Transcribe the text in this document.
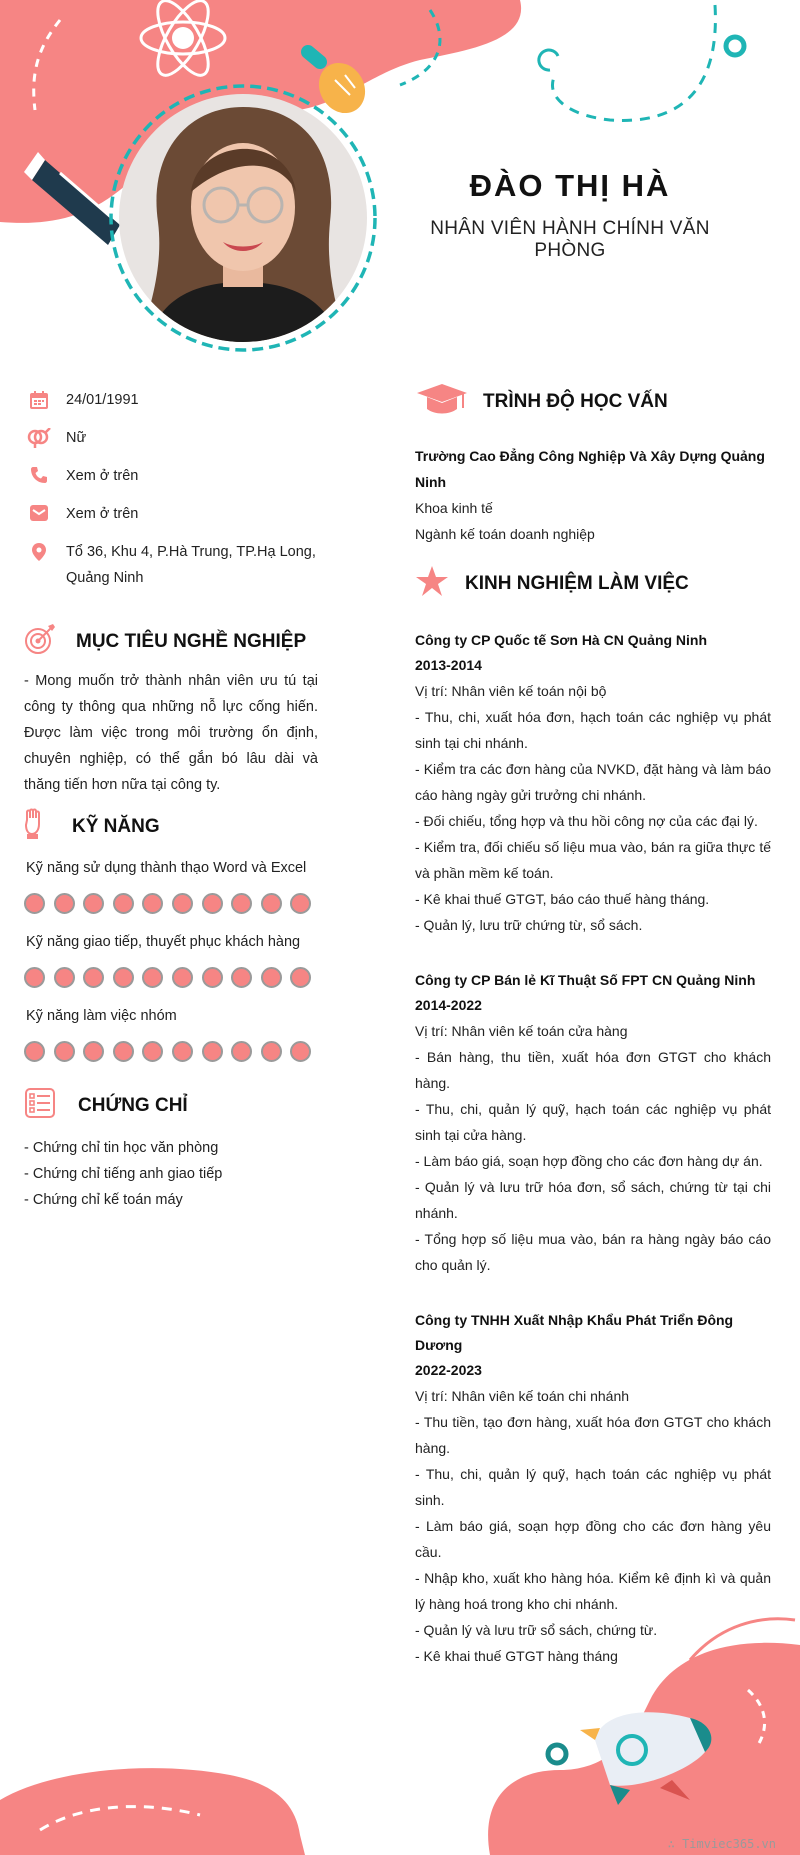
ĐÀO THỊ HÀ
NHÂN VIÊN HÀNH CHÍNH VĂN PHÒNG
24/01/1991
Nữ
Xem ở trên
Xem ở trên
Tổ 36, Khu 4, P.Hà Trung, TP.Hạ Long, Quảng Ninh
MỤC TIÊU NGHỀ NGHIỆP
- Mong muốn trở thành nhân viên ưu tú tại công ty thông qua những nỗ lực cống hiến. Được làm việc trong môi trường ổn định, chuyên nghiệp, có thể gắn bó lâu dài và thăng tiến hơn nữa tại công ty.
KỸ NĂNG
Kỹ năng sử dụng thành thạo Word và Excel
Kỹ năng giao tiếp, thuyết phục khách hàng
Kỹ năng làm việc nhóm
CHỨNG CHỈ
- Chứng chỉ tin học văn phòng
- Chứng chỉ tiếng anh giao tiếp
- Chứng chỉ kế toán máy
TRÌNH ĐỘ HỌC VẤN
Trường Cao Đẳng Công Nghiệp Và Xây Dựng Quảng Ninh
Khoa kinh tế
Ngành kế toán doanh nghiệp
KINH NGHIỆM LÀM VIỆC
Công ty CP Quốc tế Sơn Hà CN Quảng Ninh
2013-2014
Vị trí: Nhân viên kế toán nội bộ
- Thu, chi, xuất hóa đơn, hạch toán các nghiệp vụ phát sinh tại chi nhánh.
- Kiểm tra các đơn hàng của NVKD, đặt hàng và làm báo cáo hàng ngày gửi trưởng chi nhánh.
- Đối chiếu, tổng hợp và thu hồi công nợ của các đại lý.
- Kiểm tra, đối chiếu số liệu mua vào, bán ra giữa thực tế và phần mềm kế toán.
- Kê khai thuế GTGT, báo cáo thuế hàng tháng.
- Quản lý, lưu trữ chứng từ, sổ sách.
Công ty CP Bán lẻ Kĩ Thuật Số FPT CN Quảng Ninh
2014-2022
Vị trí: Nhân viên kế toán cửa hàng
- Bán hàng, thu tiền, xuất hóa đơn GTGT cho khách hàng.
- Thu, chi, quản lý quỹ, hạch toán các nghiệp vụ phát sinh tại cửa hàng.
- Làm báo giá, soạn hợp đồng cho các đơn hàng dự án.
- Quản lý và lưu trữ hóa đơn, sổ sách, chứng từ tại chi nhánh.
- Tổng hợp số liệu mua vào, bán ra hàng ngày báo cáo cho quản lý.
Công ty TNHH Xuất Nhập Khẩu Phát Triển Đông Dương
2022-2023
Vị trí: Nhân viên kế toán chi nhánh
- Thu tiền, tạo đơn hàng, xuất hóa đơn GTGT cho khách hàng.
- Thu, chi, quản lý quỹ, hạch toán các nghiệp vụ phát sinh.
- Làm báo giá, soạn hợp đồng cho các đơn hàng yêu cầu.
- Nhập kho, xuất kho hàng hóa. Kiểm kê định kì và quản lý hàng hoá trong kho chi nhánh.
- Quản lý và lưu trữ sổ sách, chứng từ.
- Kê khai thuế GTGT hàng tháng
∴ Timviec365.vn
